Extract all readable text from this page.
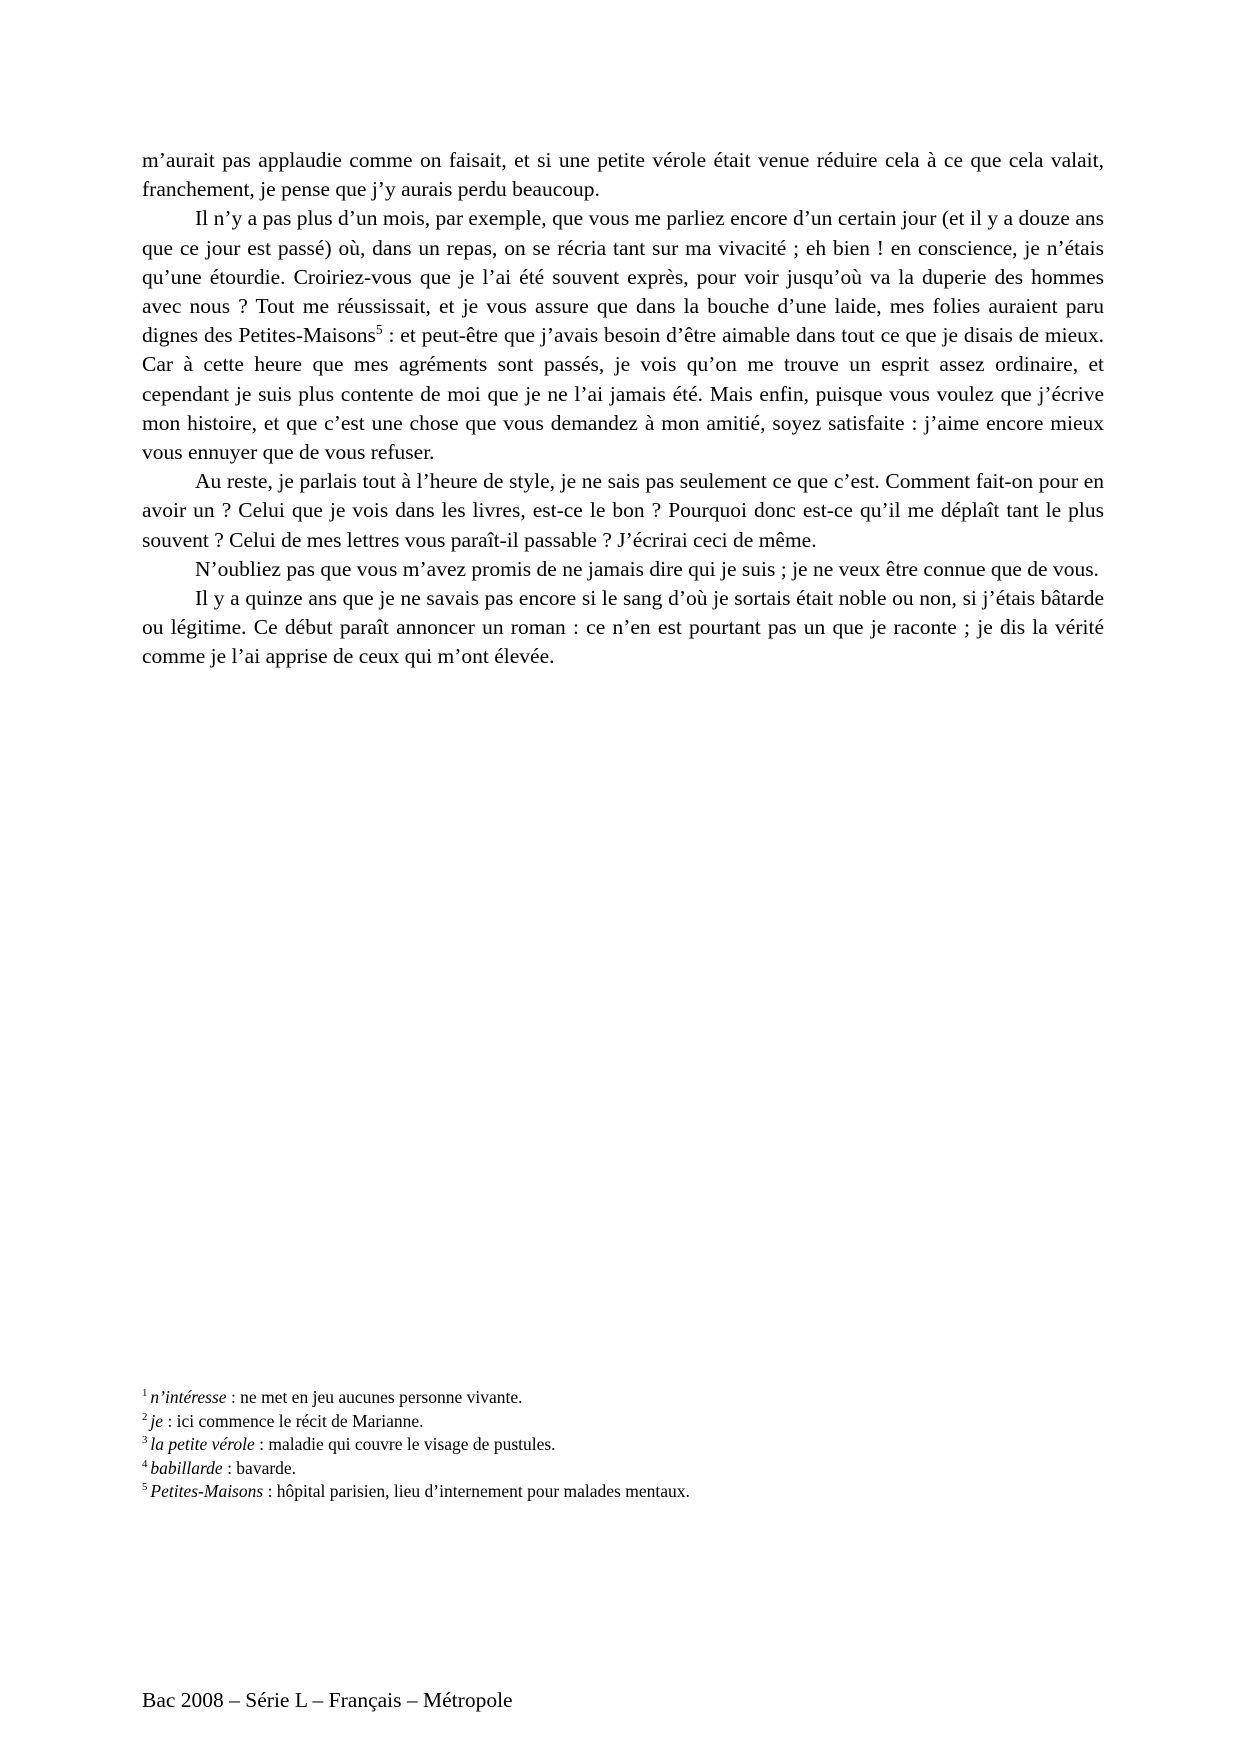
m’aurait pas applaudie comme on faisait, et si une petite vérole était venue réduire cela à ce que cela valait, franchement, je pense que j’y aurais perdu beaucoup.

Il n’y a pas plus d’un mois, par exemple, que vous me parliez encore d’un certain jour (et il y a douze ans que ce jour est passé) où, dans un repas, on se récria tant sur ma vivacité ; eh bien ! en conscience, je n’étais qu’une étourdie. Croiriez-vous que je l’ai été souvent exprès, pour voir jusqu’où va la duperie des hommes avec nous ? Tout me réussissait, et je vous assure que dans la bouche d’une laide, mes folies auraient paru dignes des Petites-Maisons$^5$ : et peut-être que j’avais besoin d’être aimable dans tout ce que je disais de mieux. Car à cette heure que mes agréments sont passés, je vois qu’on me trouve un esprit assez ordinaire, et cependant je suis plus contente de moi que je ne l’ai jamais été. Mais enfin, puisque vous voulez que j’écrive mon histoire, et que c’est une chose que vous demandez à mon amitié, soyez satisfaite : j’aime encore mieux vous ennuyer que de vous refuser.

Au reste, je parlais tout à l’heure de style, je ne sais pas seulement ce que c’est. Comment fait-on pour en avoir un ? Celui que je vois dans les livres, est-ce le bon ? Pourquoi donc est-ce qu’il me déplaît tant le plus souvent ? Celui de mes lettres vous paraît-il passable ? J’écrirai ceci de même.

N’oubliez pas que vous m’avez promis de ne jamais dire qui je suis ; je ne veux être connue que de vous.

Il y a quinze ans que je ne savais pas encore si le sang d’où je sortais était noble ou non, si j’étais bâtarde ou légitime. Ce début paraît annoncer un roman : ce n’en est pourtant pas un que je raconte ; je dis la vérité comme je l’ai apprise de ceux qui m’ont élevée.

$^1$ n’intéresse : ne met en jeu aucunes personne vivante.
$^2$ je : ici commence le récit de Marianne.
$^3$ la petite vérole : maladie qui couvre le visage de pustules.
$^4$ babillarde : bavarde.
$^5$ Petites-Maisons : hôpital parisien, lieu d’internement pour malades mentaux.
Bac 2008 – Série L – Français – Métropole
